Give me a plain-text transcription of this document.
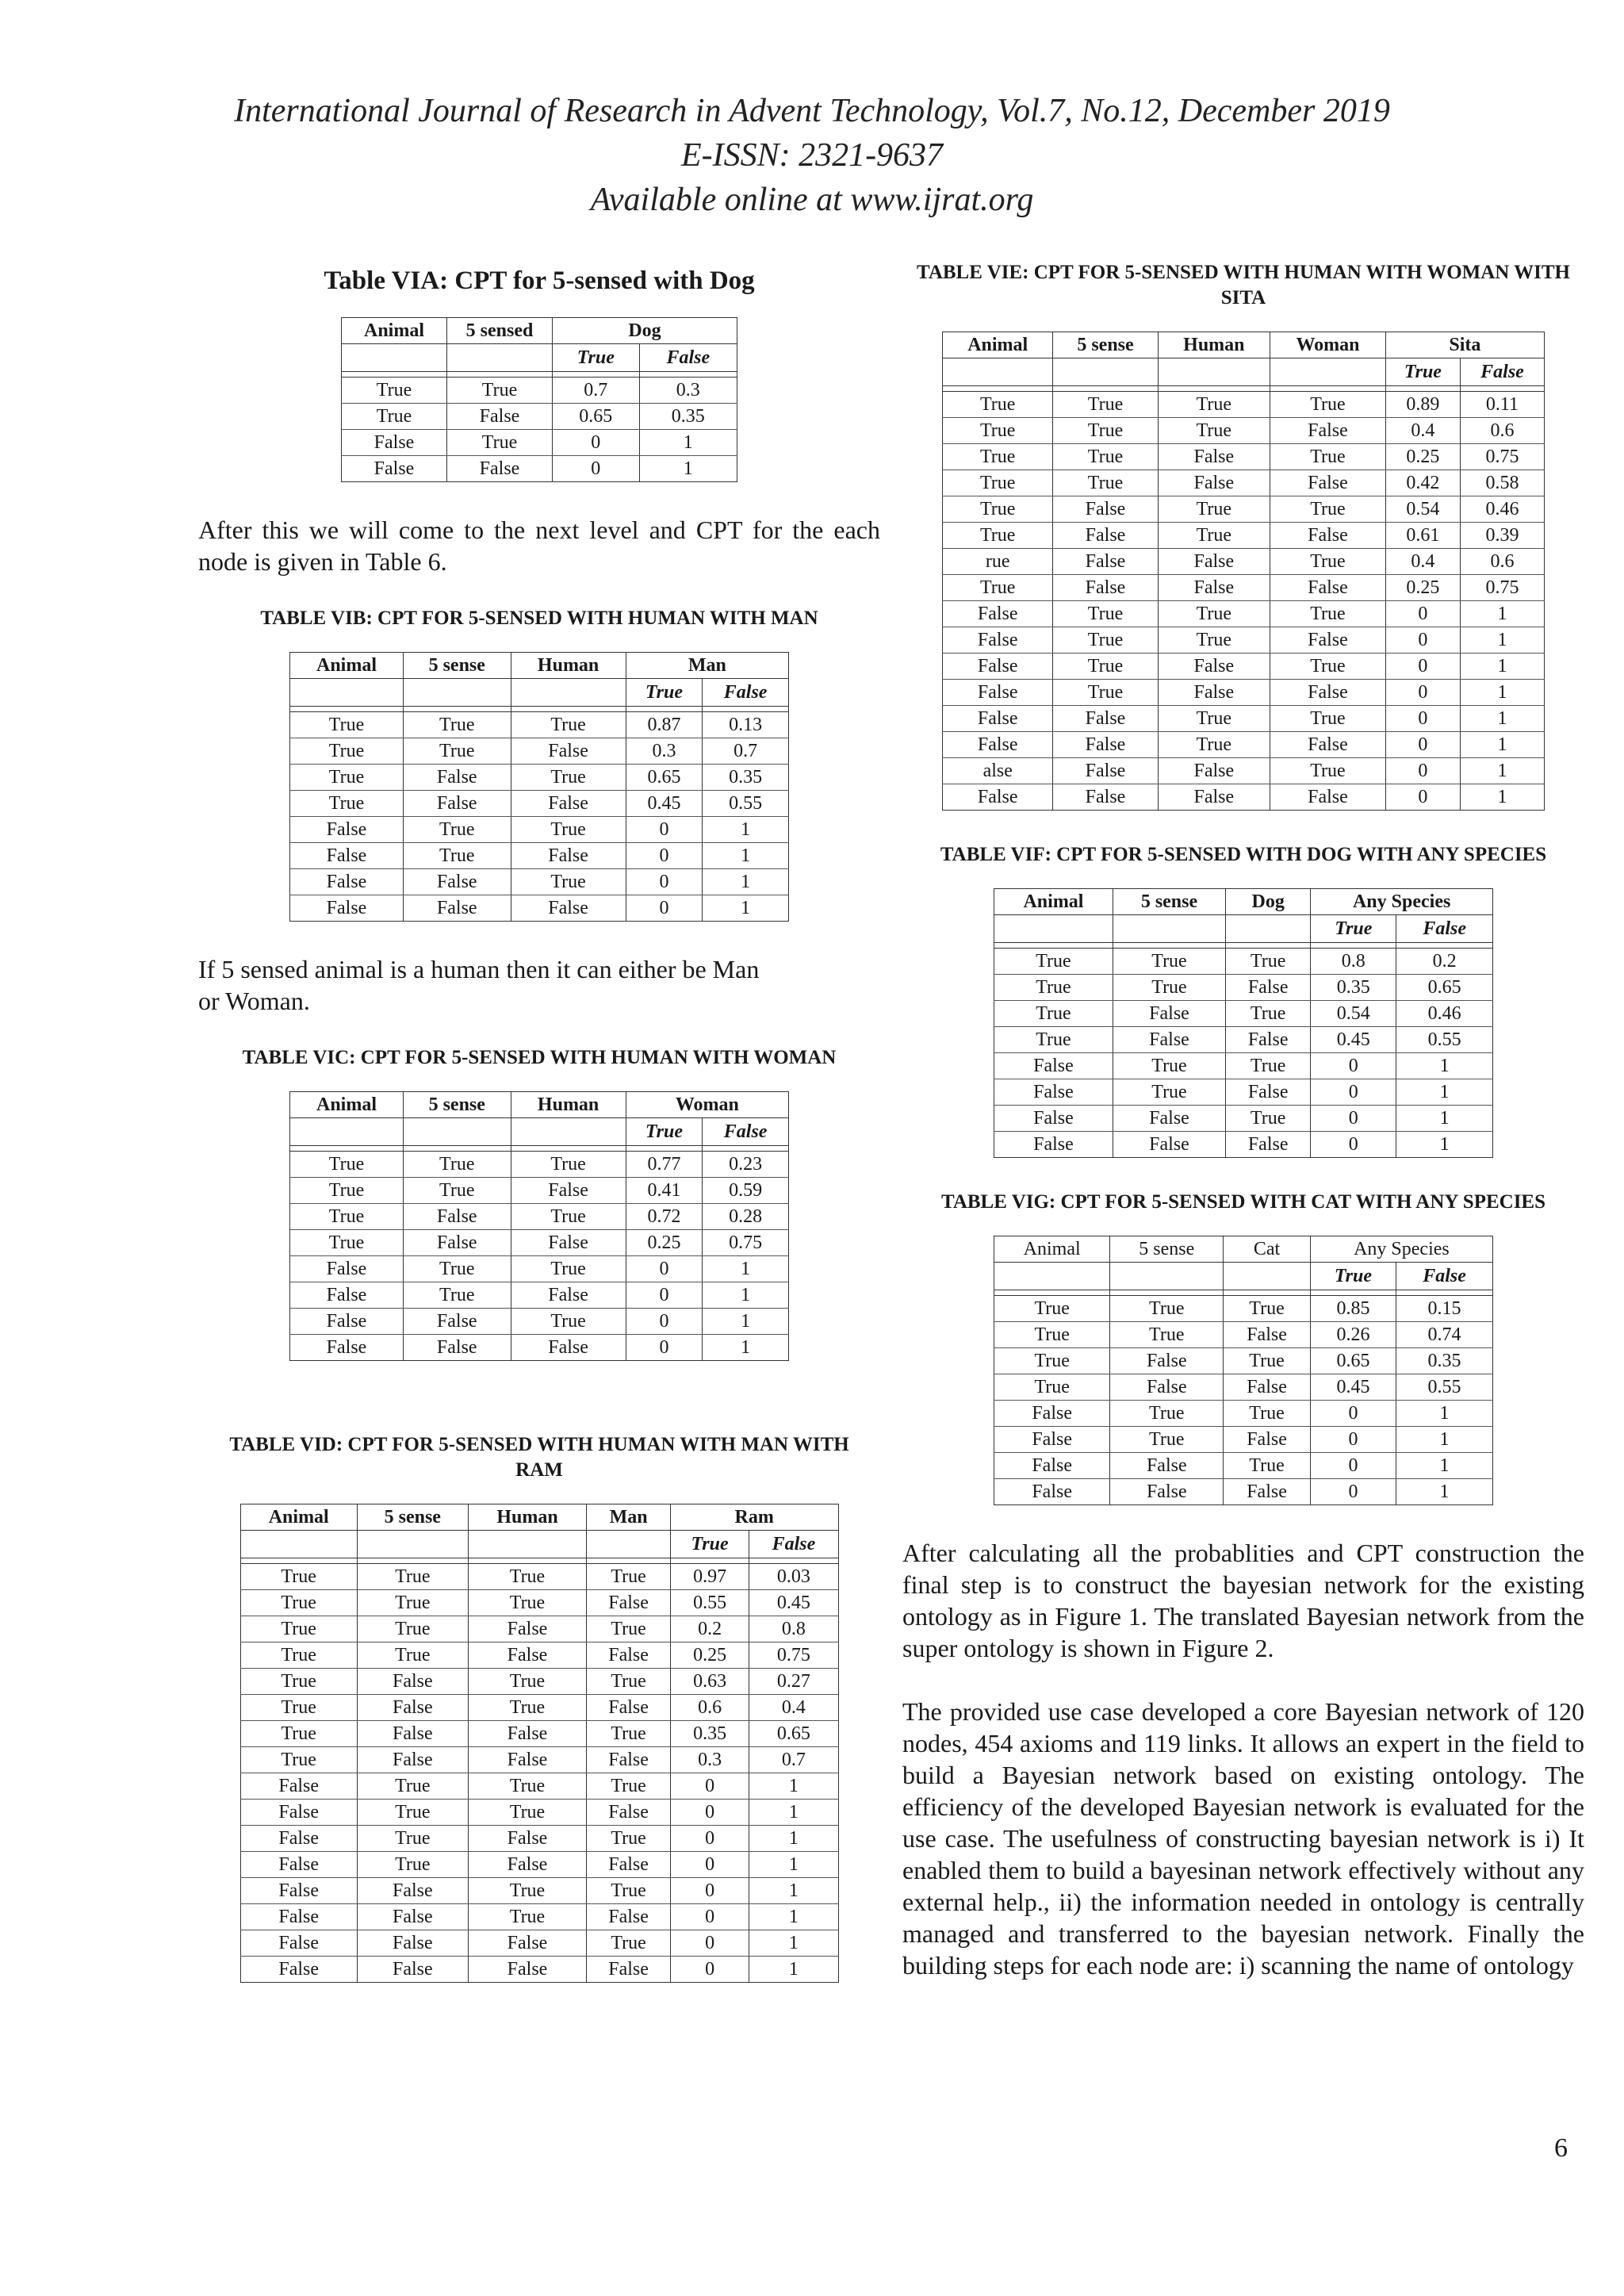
International Journal of Research in Advent Technology, Vol.7, No.12, December 2019
E-ISSN: 2321-9637
Available online at www.ijrat.org
Table VIA: CPT for 5-sensed with Dog
Animal	5 sensed	Dog	
		True	False

True	True	0.7	0.3
True	False	0.65	0.35
False	True	0	1
False	False	0	1

After this we will come to the next level and CPT for the each node is given in Table 6.

TABLE VIB: CPT FOR 5-SENSED WITH HUMAN WITH MAN
Animal	5 sense	Human	Man	
			True	False

True	True	True	0.87	0.13
True	True	False	0.3	0.7
True	False	True	0.65	0.35
True	False	False	0.45	0.55
False	True	True	0	1
False	True	False	0	1
False	False	True	0	1
False	False	False	0	1

If 5 sensed animal is a human then it can either be Man or Woman.

TABLE VIC: CPT FOR 5-SENSED WITH HUMAN WITH WOMAN
Animal	5 sense	Human	Woman	
			True	False

True	True	True	0.77	0.23
True	True	False	0.41	0.59
True	False	True	0.72	0.28
True	False	False	0.25	0.75
False	True	True	0	1
False	True	False	0	1
False	False	True	0	1
False	False	False	0	1
TABLE VID: CPT FOR 5-SENSED WITH HUMAN WITH MAN WITH RAM
Animal	5 sense	Human	Man	Ram	
				True	False

True	True	True	True	0.97	0.03
True	True	True	False	0.55	0.45
True	True	False	True	0.2	0.8
True	True	False	False	0.25	0.75
True	False	True	True	0.63	0.27
True	False	True	False	0.6	0.4
True	False	False	True	0.35	0.65
True	False	False	False	0.3	0.7
False	True	True	True	0	1
False	True	True	False	0	1
False	True	False	True	0	1
False	True	False	False	0	1
False	False	True	True	0	1
False	False	True	False	0	1
False	False	False	True	0	1
False	False	False	False	0	1
TABLE VIE: CPT FOR 5-SENSED WITH HUMAN WITH WOMAN WITH SITA
Animal	5 sense	Human	Woman	Sita	
				True	False

True	True	True	True	0.89	0.11
True	True	True	False	0.4	0.6
True	True	False	True	0.25	0.75
True	True	False	False	0.42	0.58
True	False	True	True	0.54	0.46
True	False	True	False	0.61	0.39
rue	False	False	True	0.4	0.6
True	False	False	False	0.25	0.75
False	True	True	True	0	1
False	True	True	False	0	1
False	True	False	True	0	1
False	True	False	False	0	1
False	False	True	True	0	1
False	False	True	False	0	1
alse	False	False	True	0	1
False	False	False	False	0	1
TABLE VIF: CPT FOR 5-SENSED WITH DOG WITH ANY SPECIES
Animal	5 sense	Dog	Any Species	
			True	False

True	True	True	0.8	0.2
True	True	False	0.35	0.65
True	False	True	0.54	0.46
True	False	False	0.45	0.55
False	True	True	0	1
False	True	False	0	1
False	False	True	0	1
False	False	False	0	1
TABLE VIG: CPT FOR 5-SENSED WITH CAT WITH ANY SPECIES
Animal	5 sense	Cat	Any Species	
			True	False

True	True	True	0.85	0.15
True	True	False	0.26	0.74
True	False	True	0.65	0.35
True	False	False	0.45	0.55
False	True	True	0	1
False	True	False	0	1
False	False	True	0	1
False	False	False	0	1

After calculating all the probablities and CPT construction the final step is to construct the bayesian network for the existing ontology as in Figure 1. The translated Bayesian network from the super ontology is shown in Figure 2.

The provided use case developed a core Bayesian network of 120 nodes, 454 axioms and 119 links. It allows an expert in the field to build a Bayesian network based on existing ontology. The efficiency of the developed Bayesian network is evaluated for the use case. The usefulness of constructing bayesian network is i) It enabled them to build a bayesinan network effectively without any external help., ii) the information needed in ontology is centrally managed and transferred to the bayesian network. Finally the building steps for each node are: i) scanning the name of ontology

6
